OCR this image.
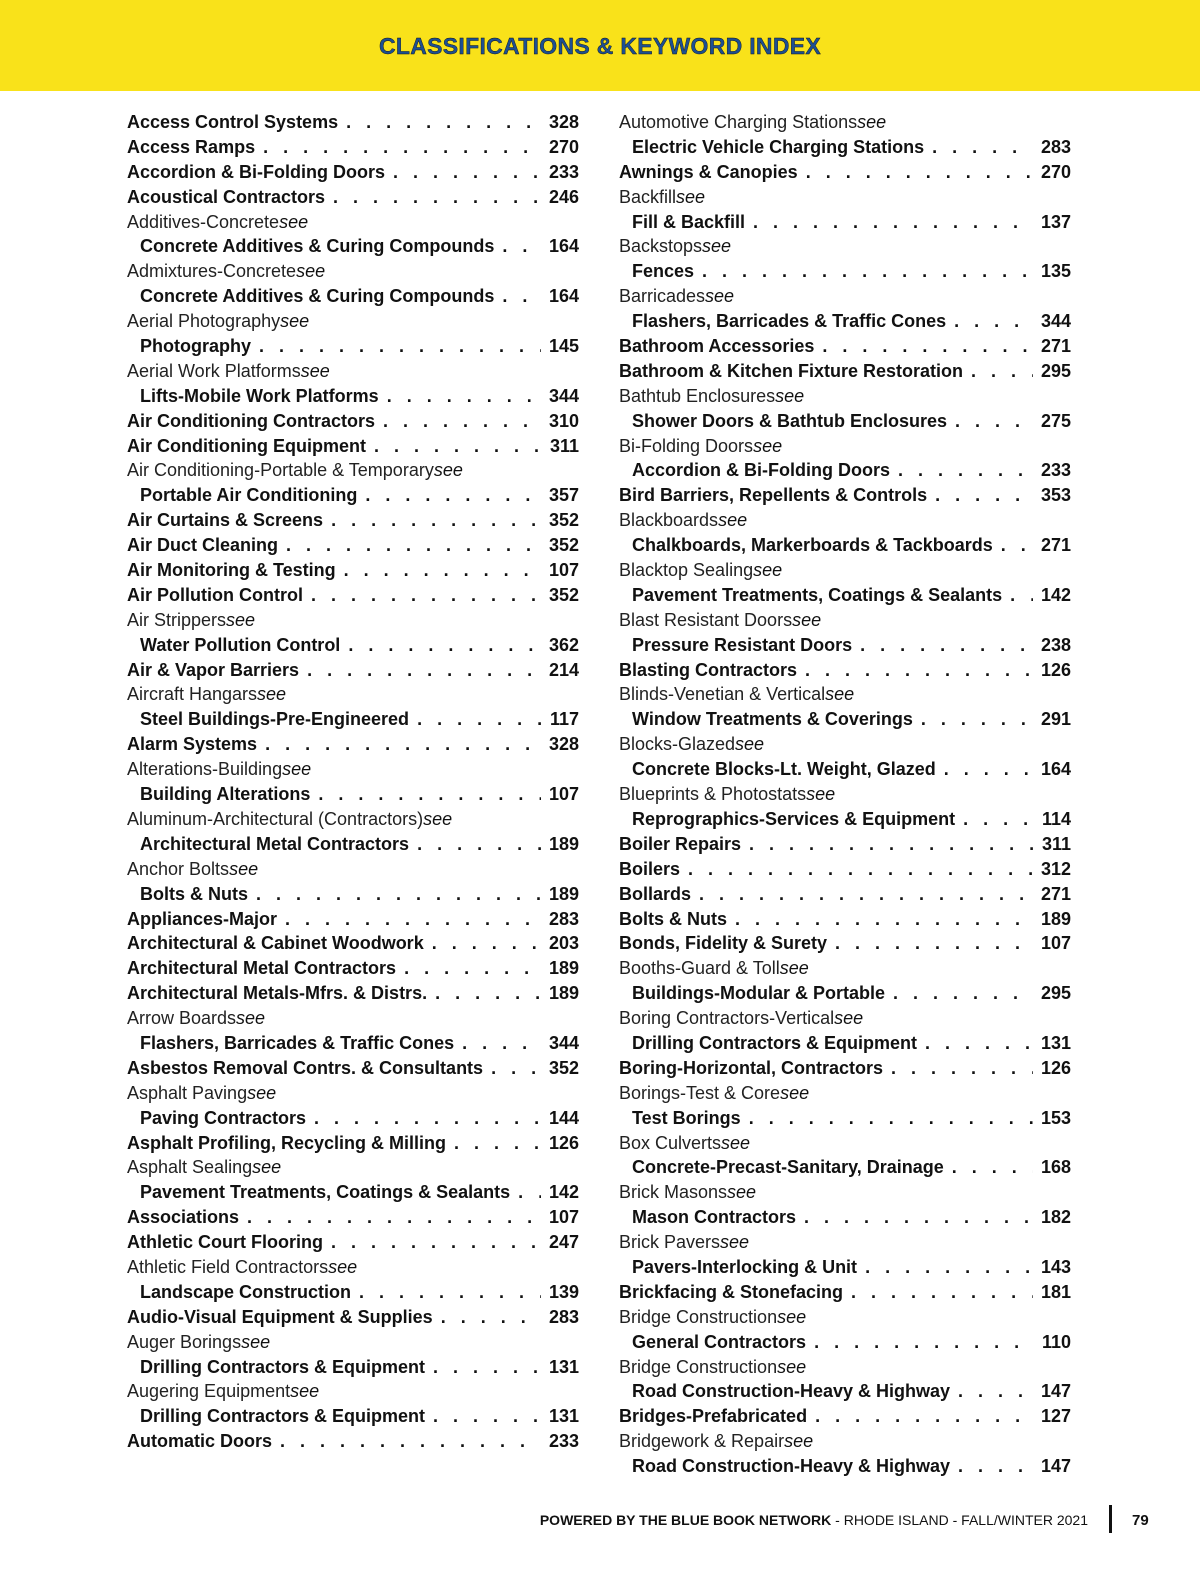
CLASSIFICATIONS & KEYWORD INDEX
Access Control Systems . . .	328
Access Ramps . . .	270
Accordion & Bi-Folding Doors . . .	233
Acoustical Contractors . . .	246
Additives-Concrete see
Concrete Additives & Curing Compounds . . .	164
Admixtures-Concrete see
Concrete Additives & Curing Compounds . . .	164
Aerial Photography see
Photography . . .	145
Aerial Work Platforms see
Lifts-Mobile Work Platforms . . .	344
Air Conditioning Contractors . . .	310
Air Conditioning Equipment . . .	311
Air Conditioning-Portable & Temporary see
Portable Air Conditioning . . .	357
Air Curtains & Screens . . .	352
Air Duct Cleaning . . .	352
Air Monitoring & Testing . . .	107
Air Pollution Control . . .	352
Air Strippers see
Water Pollution Control . . .	362
Air & Vapor Barriers . . .	214
Aircraft Hangars see
Steel Buildings-Pre-Engineered . . .	117
Alarm Systems . . .	328
Alterations-Building see
Building Alterations . . .	107
Aluminum-Architectural (Contractors) see
Architectural Metal Contractors . . .	189
Anchor Bolts see
Bolts & Nuts . . .	189
Appliances-Major . . .	283
Architectural & Cabinet Woodwork . . .	203
Architectural Metal Contractors . . .	189
Architectural Metals-Mfrs. & Distrs. . . .	189
Arrow Boards see
Flashers, Barricades & Traffic Cones . . .	344
Asbestos Removal Contrs. & Consultants . . .	352
Asphalt Paving see
Paving Contractors . . .	144
Asphalt Profiling, Recycling & Milling . . .	126
Asphalt Sealing see
Pavement Treatments, Coatings & Sealants . . . 142
Associations . . .	107
Athletic Court Flooring . . .	247
Athletic Field Contractors see
Landscape Construction . . .	139
Audio-Visual Equipment & Supplies . . .	283
Auger Borings see
Drilling Contractors & Equipment . . .	131
Augering Equipment see
Drilling Contractors & Equipment . . .	131
Automatic Doors . . .	233
Automotive Charging Stations see
Electric Vehicle Charging Stations . . .	283
Awnings & Canopies . . .	270
Backfill see
Fill & Backfill . . .	137
Backstops see
Fences . . .	135
Barricades see
Flashers, Barricades & Traffic Cones . . .	344
Bathroom Accessories . . .	271
Bathroom & Kitchen Fixture Restoration . . .	295
Bathtub Enclosures see
Shower Doors & Bathtub Enclosures . . .	275
Bi-Folding Doors see
Accordion & Bi-Folding Doors . . .	233
Bird Barriers, Repellents & Controls . . .	353
Blackboards see
Chalkboards, Markerboards & Tackboards . . .	271
Blacktop Sealing see
Pavement Treatments, Coatings & Sealants . . . 142
Blast Resistant Doors see
Pressure Resistant Doors . . .	238
Blasting Contractors . . .	126
Blinds-Venetian & Vertical see
Window Treatments & Coverings . . .	291
Blocks-Glazed see
Concrete Blocks-Lt. Weight, Glazed . . .	164
Blueprints & Photostats see
Reprographics-Services & Equipment . . .	114
Boiler Repairs . . .	311
Boilers . . .	312
Bollards . . .	271
Bolts & Nuts . . .	189
Bonds, Fidelity & Surety . . .	107
Booths-Guard & Toll see
Buildings-Modular & Portable . . .	295
Boring Contractors-Vertical see
Drilling Contractors & Equipment . . .	131
Boring-Horizontal, Contractors . . .	126
Borings-Test & Core see
Test Borings . . .	153
Box Culverts see
Concrete-Precast-Sanitary, Drainage . . .	168
Brick Masons see
Mason Contractors . . .	182
Brick Pavers see
Pavers-Interlocking & Unit . . .	143
Brickfacing & Stonefacing . . .	181
Bridge Construction see
General Contractors . . .	110
Bridge Construction see
Road Construction-Heavy & Highway . . .	147
Bridges-Prefabricated . . .	127
Bridgework & Repair see
Road Construction-Heavy & Highway . . .	147
POWERED BY THE BLUE BOOK NETWORK - RHODE ISLAND - FALL/WINTER 2021	79
